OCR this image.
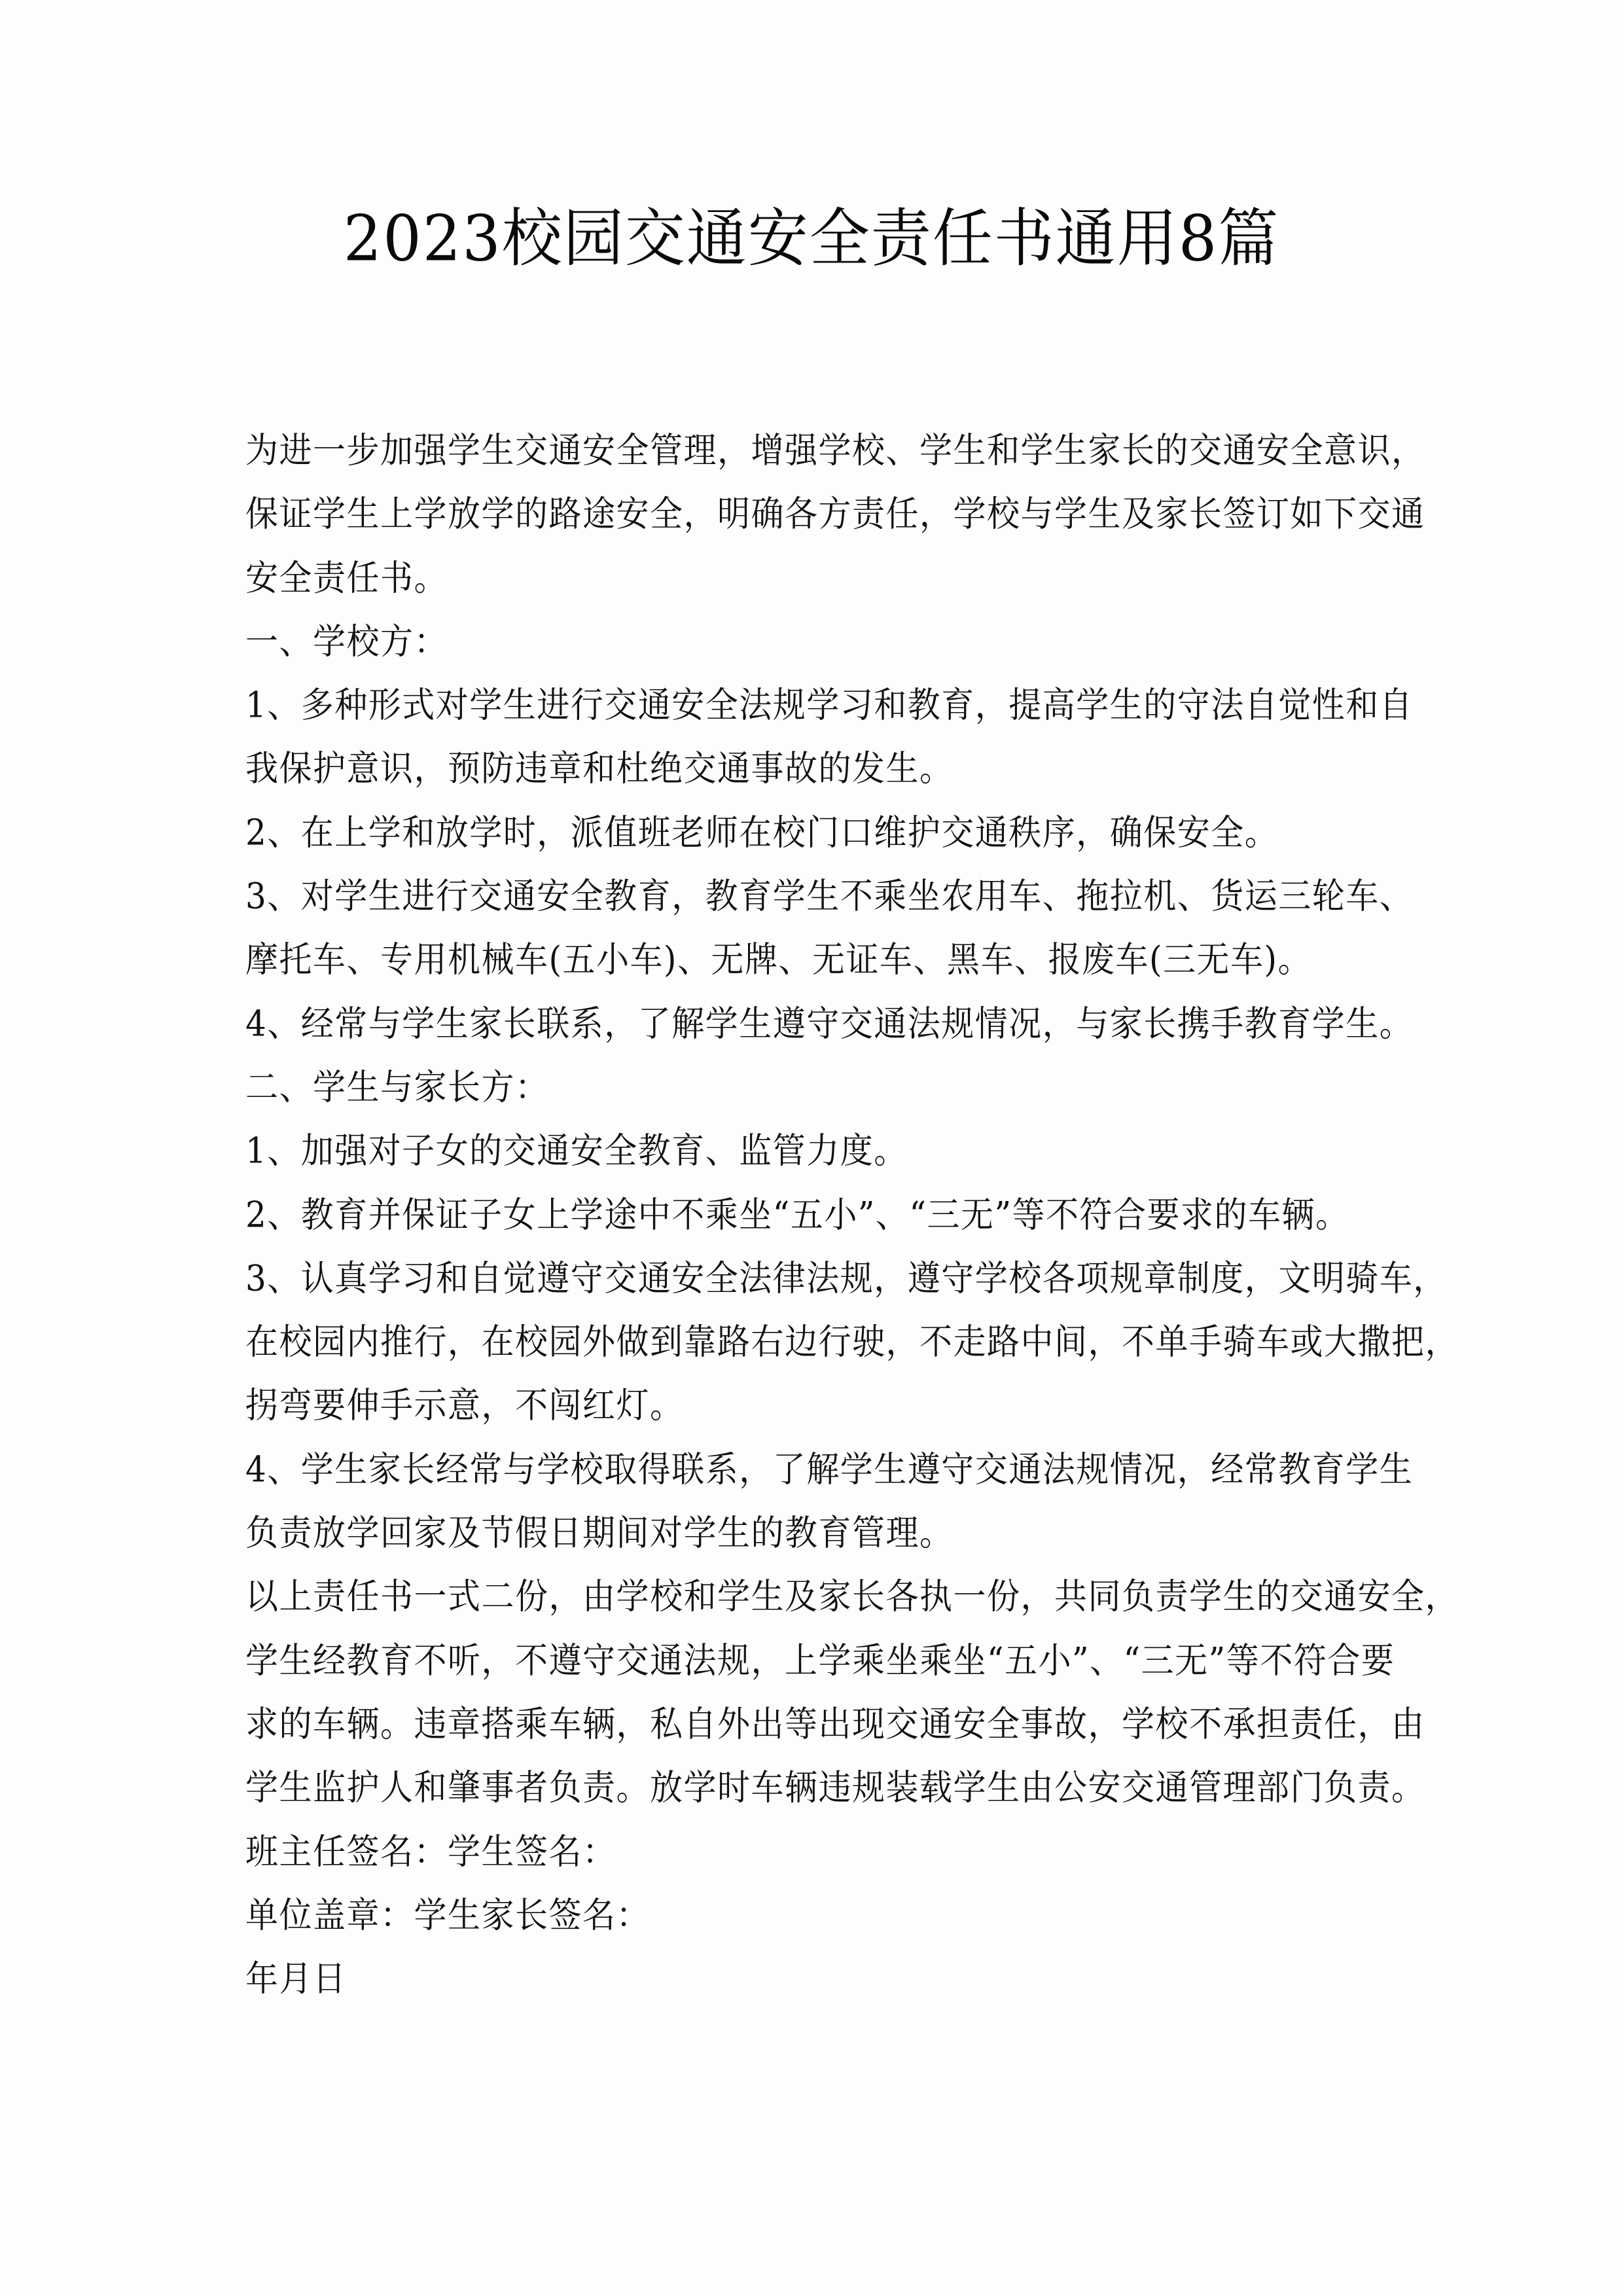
2023校园交通安全责任书通用8篇
为进一步加强学生交通安全管理，增强学校、学生和学生家长的交通安全意识，
保证学生上学放学的路途安全，明确各方责任，学校与学生及家长签订如下交通
安全责任书。
一、学校方：
1、多种形式对学生进行交通安全法规学习和教育，提高学生的守法自觉性和自
我保护意识，预防违章和杜绝交通事故的发生。
2、在上学和放学时，派值班老师在校门口维护交通秩序，确保安全。
3、对学生进行交通安全教育，教育学生不乘坐农用车、拖拉机、货运三轮车、
摩托车、专用机械车(五小车)、无牌、无证车、黑车、报废车(三无车)。
4、经常与学生家长联系，了解学生遵守交通法规情况，与家长携手教育学生。
二、学生与家长方：
1、加强对子女的交通安全教育、监管力度。
2、教育并保证子女上学途中不乘坐“五小”、“三无”等不符合要求的车辆。
3、认真学习和自觉遵守交通安全法律法规，遵守学校各项规章制度，文明骑车，
在校园内推行，在校园外做到靠路右边行驶，不走路中间，不单手骑车或大撒把，
拐弯要伸手示意，不闯红灯。
4、学生家长经常与学校取得联系，了解学生遵守交通法规情况，经常教育学生
负责放学回家及节假日期间对学生的教育管理。
以上责任书一式二份，由学校和学生及家长各执一份，共同负责学生的交通安全，
学生经教育不听，不遵守交通法规，上学乘坐乘坐“五小”、“三无”等不符合要
求的车辆。违章搭乘车辆，私自外出等出现交通安全事故，学校不承担责任，由
学生监护人和肇事者负责。放学时车辆违规装载学生由公安交通管理部门负责。
班主任签名：学生签名：
单位盖章：学生家长签名：
年月日
